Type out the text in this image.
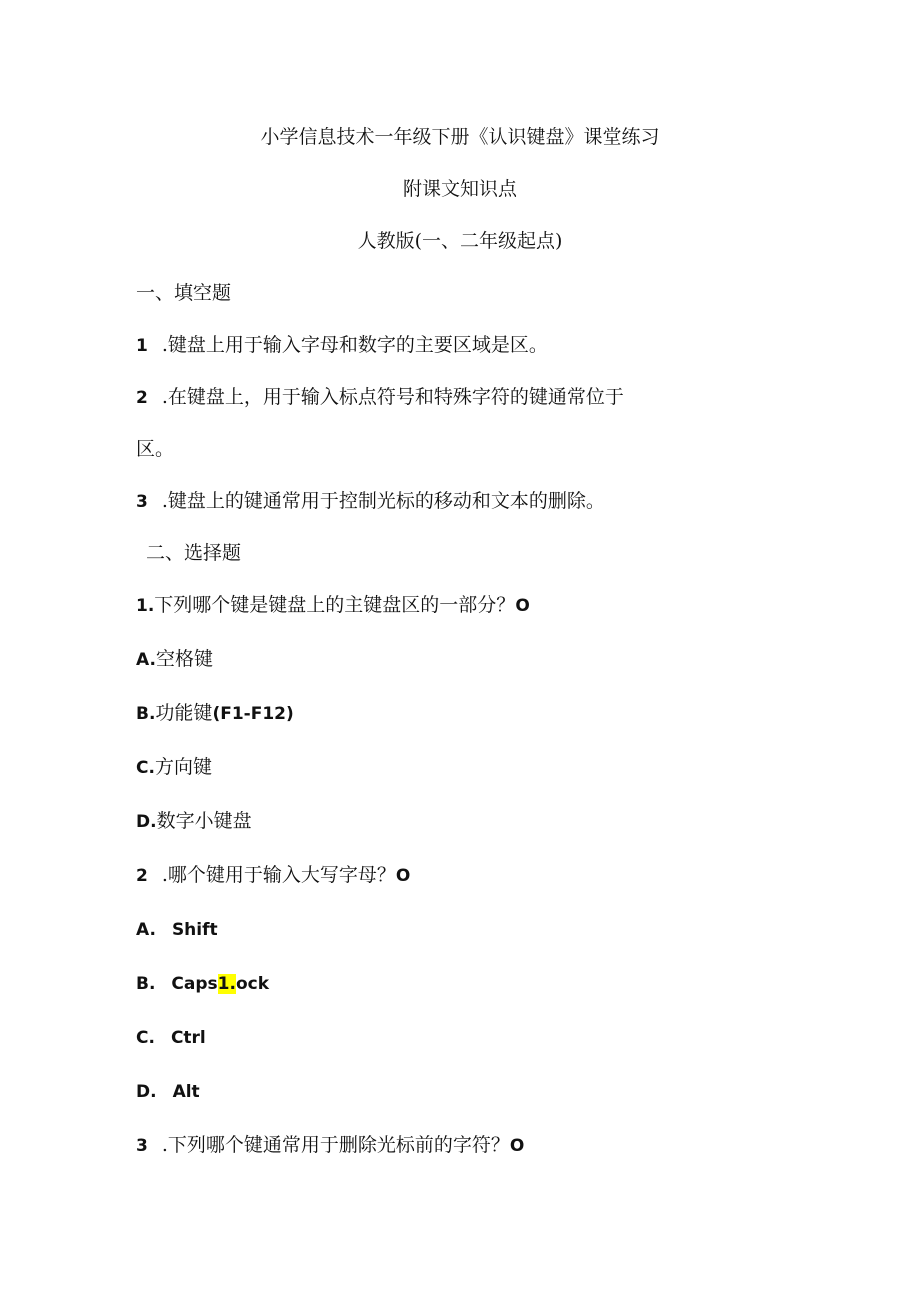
小学信息技术一年级下册《认识键盘》课堂练习
附课文知识点
人教版(一、二年级起点)
一、填空题
1 .键盘上用于输入字母和数字的主要区域是区。
2 .在键盘上，用于输入标点符号和特殊字符的键通常位于
区。
3 .键盘上的键通常用于控制光标的移动和文本的删除。
二、选择题
1.下列哪个键是键盘上的主键盘区的一部分？O
A.空格键
B.功能键(F1-F12)
C.方向键
D.数字小键盘
2 .哪个键用于输入大写字母？O
A. Shift
B. Caps1.ock
C. Ctrl
D. Alt
3 .下列哪个键通常用于删除光标前的字符？O
